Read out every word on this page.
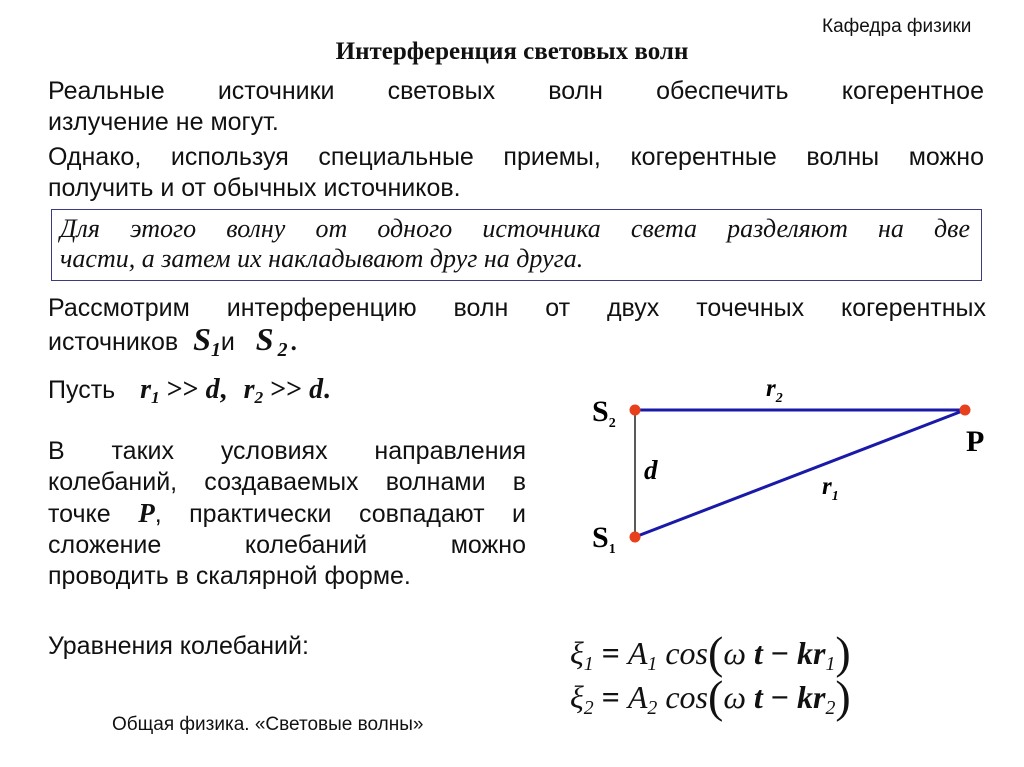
Кафедра физики
Интерференция световых волн
Реальные источники световых волн обеспечить когерентное
излучение не могут.
Однако, используя специальные приемы, когерентные волны можно
получить и от обычных источников.
Для этого волну от одного источника света разделяют на две
части, а затем их накладывают друг на друга.
Рассмотрим интерференцию волн от двух точечных когерентных
источников $S_1и$ S $_2$ .
Пусть $r_1 >> d$, $r_2 >> d$.
В таких условиях направления
колебаний, создаваемых волнами в
точке P, практически совпадают и
сложение колебаний можно
проводить в скалярной форме.
Уравнения колебаний:	$\xi_1 = A_1$ cos(ω $t - kr_1$)
$\xi_2 = A_2$ cos(ω $t - kr_2$)
$S_2$
$S_1$
P
d
$r_2$
$r_1$
Общая физика. «Световые волны»
